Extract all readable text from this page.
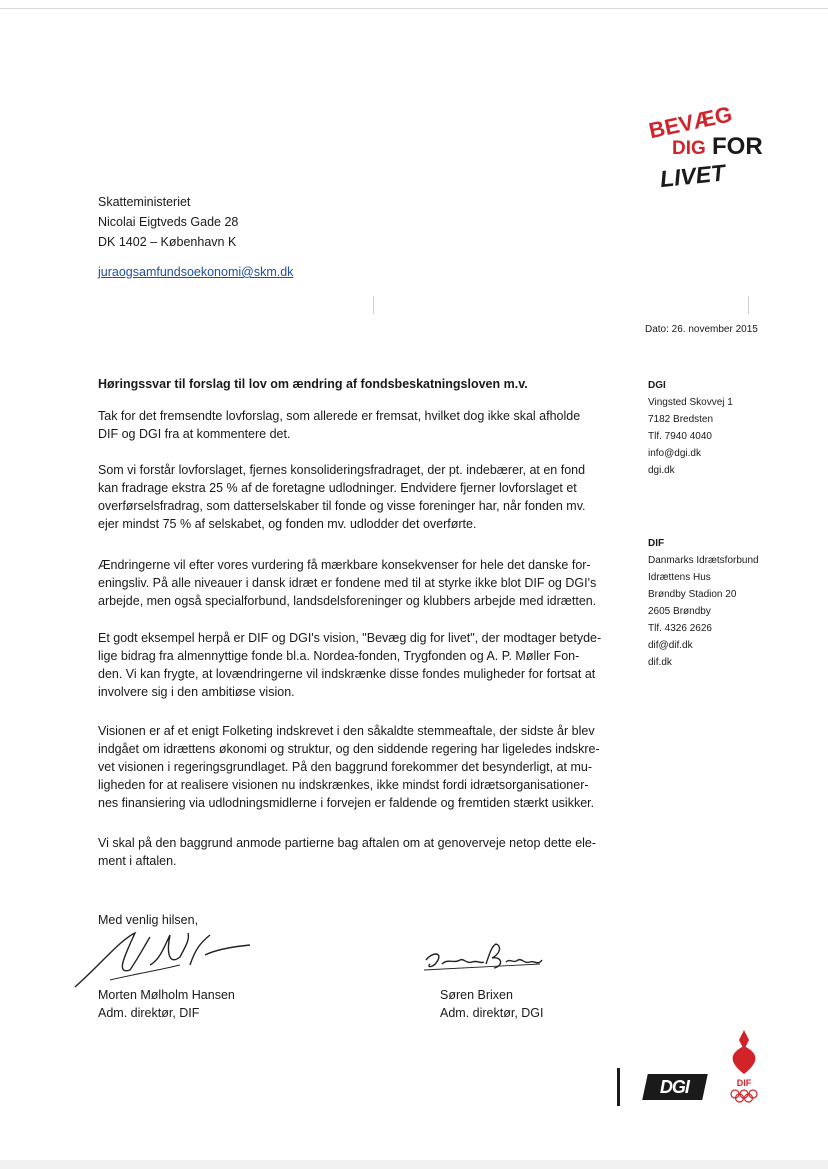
BEVÆG
DIG FOR
LIVET
Skatteministeriet
Nicolai Eigtveds Gade 28
DK 1402 – København K
juraogsamfundsoekonomi@skm.dk
Dato: 26. november 2015
Høringssvar til forslag til lov om ændring af fondsbeskatningsloven m.v.
Tak for det fremsendte lovforslag, som allerede er fremsat, hvilket dog ikke skal afholde
DIF og DGI fra at kommentere det.
Som vi forstår lovforslaget, fjernes konsolideringsfradraget, der pt. indebærer, at en fond
kan fradrage ekstra 25 % af de foretagne udlodninger. Endvidere fjerner lovforslaget et
overførselsfradrag, som datterselskaber til fonde og visse foreninger har, når fonden mv.
ejer mindst 75 % af selskabet, og fonden mv. udlodder det overførte.
Ændringerne vil efter vores vurdering få mærkbare konsekvenser for hele det danske for-
eningsliv. På alle niveauer i dansk idræt er fondene med til at styrke ikke blot DIF og DGI's
arbejde, men også specialforbund, landsdelsforeninger og klubbers arbejde med idrætten.
Et godt eksempel herpå er DIF og DGI's vision, "Bevæg dig for livet", der modtager betyde-
lige bidrag fra almennyttige fonde bl.a. Nordea-fonden, Trygfonden og A. P. Møller Fon-
den. Vi kan frygte, at lovændringerne vil indskrænke disse fondes muligheder for fortsat at
involvere sig i den ambitiøse vision.
Visionen er af et enigt Folketing indskrevet i den såkaldte stemmeaftale, der sidste år blev
indgået om idrættens økonomi og struktur, og den siddende regering har ligeledes indskre-
vet visionen i regeringsgrundlaget. På den baggrund forekommer det besynderligt, at mu-
ligheden for at realisere visionen nu indskrænkes, ikke mindst fordi idrætsorganisationer-
nes finansiering via udlodningsmidlerne i forvejen er faldende og fremtiden stærkt usikker.
Vi skal på den baggrund anmode partierne bag aftalen om at genoverveje netop dette ele-
ment i aftalen.
DGI
Vingsted Skovvej 1
7182 Bredsten
Tlf. 7940 4040
info@dgi.dk
dgi.dk
DIF
Danmarks Idrætsforbund
Idrættens Hus
Brøndby Stadion 20
2605 Brøndby
Tlf. 4326 2626
dif@dif.dk
dif.dk
Med venlig hilsen,
Morten Mølholm Hansen
Adm. direktør, DIF
Søren Brixen
Adm. direktør, DGI
DGI	DIF
